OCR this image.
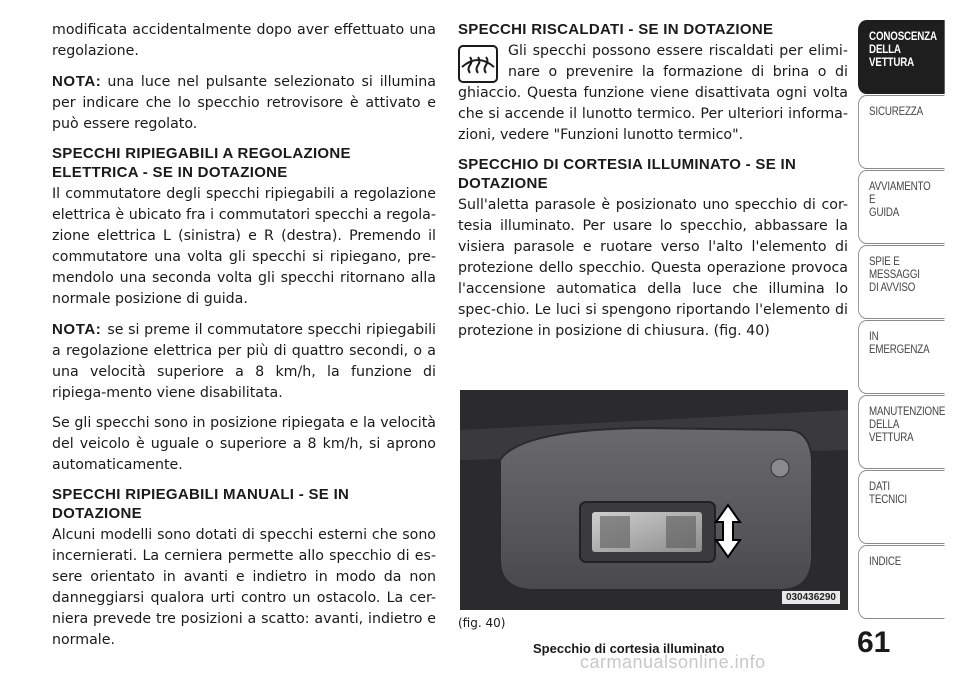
modificata accidentalmente dopo aver effettuato una regolazione.
NOTA: una luce nel pulsante selezionato si illumina per indicare che lo specchio retrovisore è attivato e può essere regolato.
SPECCHI RIPIEGABILI A REGOLAZIONE ELETTRICA - SE IN DOTAZIONE
Il commutatore degli specchi ripiegabili a regolazione elettrica è ubicato fra i commutatori specchi a regola-zione elettrica L (sinistra) e R (destra). Premendo il commutatore una volta gli specchi si ripiegano, pre-mendolo una seconda volta gli specchi ritornano alla normale posizione di guida.
NOTA: se si preme il commutatore specchi ripiegabili a regolazione elettrica per più di quattro secondi, o a una velocità superiore a 8 km/h, la funzione di ripiega-mento viene disabilitata.
Se gli specchi sono in posizione ripiegata e la velocità del veicolo è uguale o superiore a 8 km/h, si aprono automaticamente.
SPECCHI RIPIEGABILI MANUALI - SE IN DOTAZIONE
Alcuni modelli sono dotati di specchi esterni che sono incernierati. La cerniera permette allo specchio di es-sere orientato in avanti e indietro in modo da non danneggiarsi qualora urti contro un ostacolo. La cer-niera prevede tre posizioni a scatto: avanti, indietro e normale.
SPECCHI RISCALDATI - SE IN DOTAZIONE
Gli specchi possono essere riscaldati per elimi-nare o prevenire la formazione di brina o di ghiaccio. Questa funzione viene disattivata ogni volta che si accende il lunotto termico. Per ulteriori informa-zioni, vedere "Funzioni lunotto termico".
SPECCHIO DI CORTESIA ILLUMINATO - SE IN DOTAZIONE
Sull'aletta parasole è posizionato uno specchio di cor-tesia illuminato. Per usare lo specchio, abbassare la visiera parasole e ruotare verso l'alto l'elemento di protezione dello specchio. Questa operazione provoca l'accensione automatica della luce che illumina lo spec-chio. Le luci si spengono riportando l'elemento di protezione in posizione di chiusura. (fig. 40)
030436290
(fig. 40)
Specchio di cortesia illuminato	61
CONOSCENZA
DELLA
VETTURA
SICUREZZA
AVVIAMENTO
E
GUIDA
SPIE E
MESSAGGI
DI AVVISO
IN
EMERGENZA
MANUTENZIONE
DELLA
VETTURA
DATI
TECNICI
INDICE
carmanualsonline.info
